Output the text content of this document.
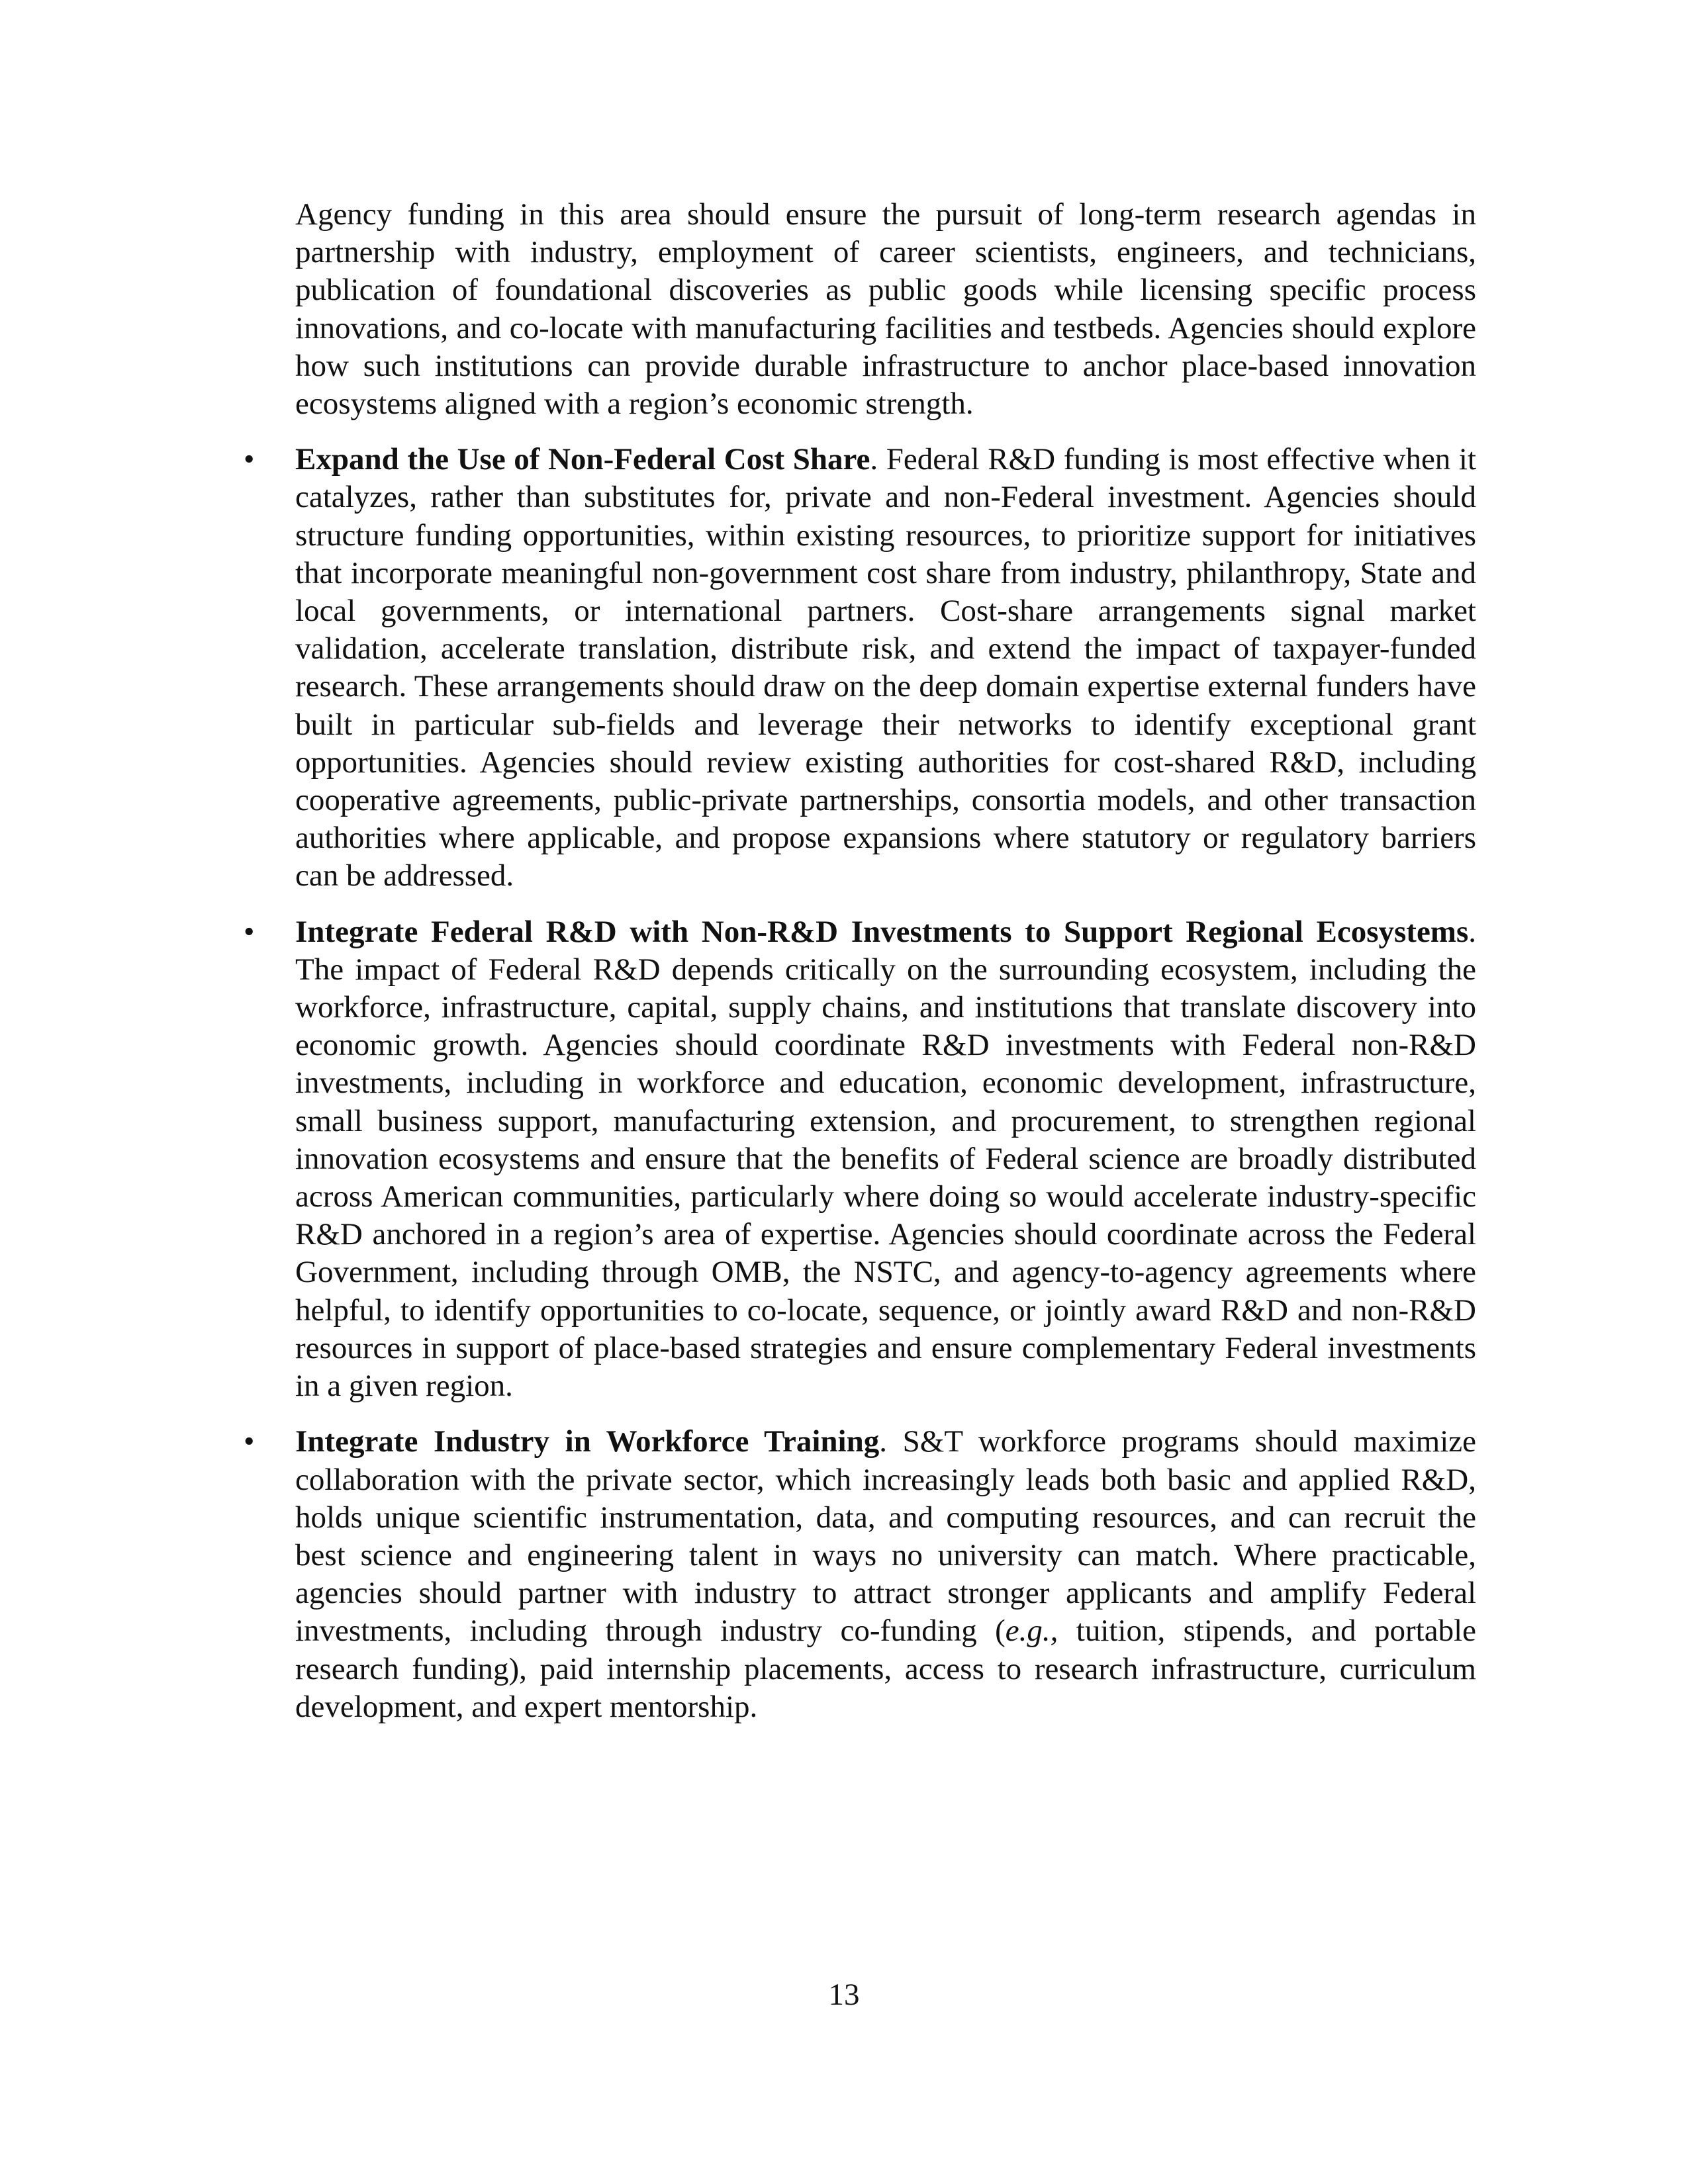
Agency funding in this area should ensure the pursuit of long-term research agendas in partnership with industry, employment of career scientists, engineers, and technicians, publication of foundational discoveries as public goods while licensing specific process innovations, and co-locate with manufacturing facilities and testbeds. Agencies should explore how such institutions can provide durable infrastructure to anchor place-based innovation ecosystems aligned with a region’s economic strength.

•	Expand the Use of Non-Federal Cost Share. Federal R&D funding is most effective when it catalyzes, rather than substitutes for, private and non-Federal investment. Agencies should structure funding opportunities, within existing resources, to prioritize support for initiatives that incorporate meaningful non-government cost share from industry, philanthropy, State and local governments, or international partners. Cost-share arrangements signal market validation, accelerate translation, distribute risk, and extend the impact of taxpayer-funded research. These arrangements should draw on the deep domain expertise external funders have built in particular sub-fields and leverage their networks to identify exceptional grant opportunities. Agencies should review existing authorities for cost-shared R&D, including cooperative agreements, public-private partnerships, consortia models, and other transaction authorities where applicable, and propose expansions where statutory or regulatory barriers can be addressed.

•	Integrate Federal R&D with Non-R&D Investments to Support Regional Ecosystems. The impact of Federal R&D depends critically on the surrounding ecosystem, including the workforce, infrastructure, capital, supply chains, and institutions that translate discovery into economic growth. Agencies should coordinate R&D investments with Federal non-R&D investments, including in workforce and education, economic development, infrastructure, small business support, manufacturing extension, and procurement, to strengthen regional innovation ecosystems and ensure that the benefits of Federal science are broadly distributed across American communities, particularly where doing so would accelerate industry-specific R&D anchored in a region’s area of expertise. Agencies should coordinate across the Federal Government, including through OMB, the NSTC, and agency-to-agency agreements where helpful, to identify opportunities to co-locate, sequence, or jointly award R&D and non-R&D resources in support of place-based strategies and ensure complementary Federal investments in a given region.

•	Integrate Industry in Workforce Training. S&T workforce programs should maximize collaboration with the private sector, which increasingly leads both basic and applied R&D, holds unique scientific instrumentation, data, and computing resources, and can recruit the best science and engineering talent in ways no university can match. Where practicable, agencies should partner with industry to attract stronger applicants and amplify Federal investments, including through industry co-funding (e.g., tuition, stipends, and portable research funding), paid internship placements, access to research infrastructure, curriculum development, and expert mentorship.

13
